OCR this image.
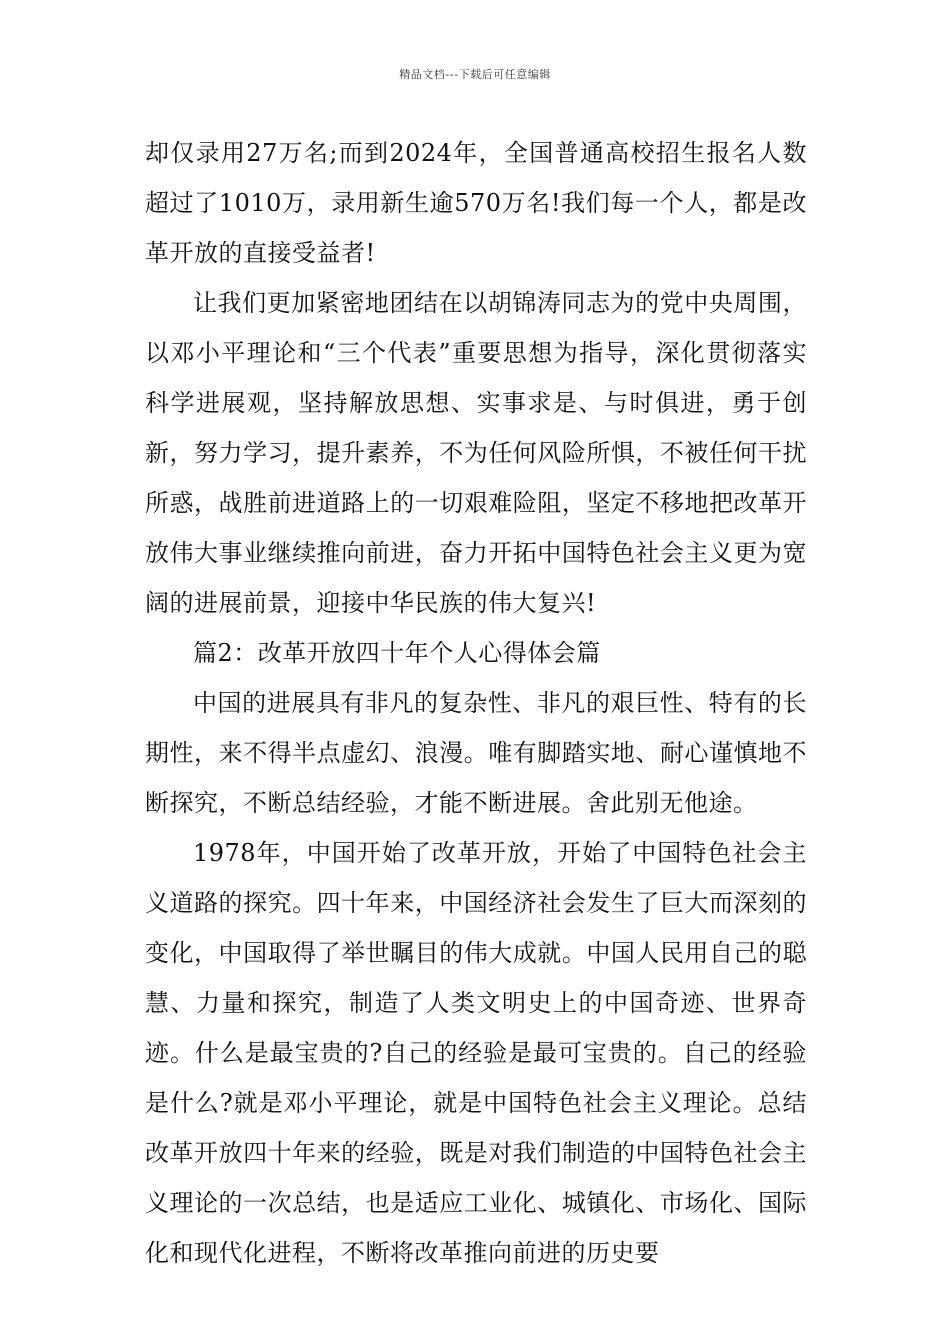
精品文档---下载后可任意编辑

却仅录用27万名;而到2024年，全国普通高校招生报名人数超过了1010万，录用新生逾570万名!我们每一个人，都是改革开放的直接受益者!

让我们更加紧密地团结在以胡锦涛同志为的党中央周围，以邓小平理论和“三个代表”重要思想为指导，深化贯彻落实科学进展观，坚持解放思想、实事求是、与时俱进，勇于创新，努力学习，提升素养，不为任何风险所惧，不被任何干扰所惑，战胜前进道路上的一切艰难险阻，坚定不移地把改革开放伟大事业继续推向前进，奋力开拓中国特色社会主义更为宽阔的进展前景，迎接中华民族的伟大复兴!

篇2：改革开放四十年个人心得体会篇

中国的进展具有非凡的复杂性、非凡的艰巨性、特有的长期性，来不得半点虚幻、浪漫。唯有脚踏实地、耐心谨慎地不断探究，不断总结经验，才能不断进展。舍此别无他途。

1978年，中国开始了改革开放，开始了中国特色社会主义道路的探究。四十年来，中国经济社会发生了巨大而深刻的变化，中国取得了举世瞩目的伟大成就。中国人民用自己的聪慧、力量和探究，制造了人类文明史上的中国奇迹、世界奇迹。什么是最宝贵的?自己的经验是最可宝贵的。自己的经验是什么?就是邓小平理论，就是中国特色社会主义理论。总结改革开放四十年来的经验，既是对我们制造的中国特色社会主义理论的一次总结，也是适应工业化、城镇化、市场化、国际化和现代化进程，不断将改革推向前进的历史要
